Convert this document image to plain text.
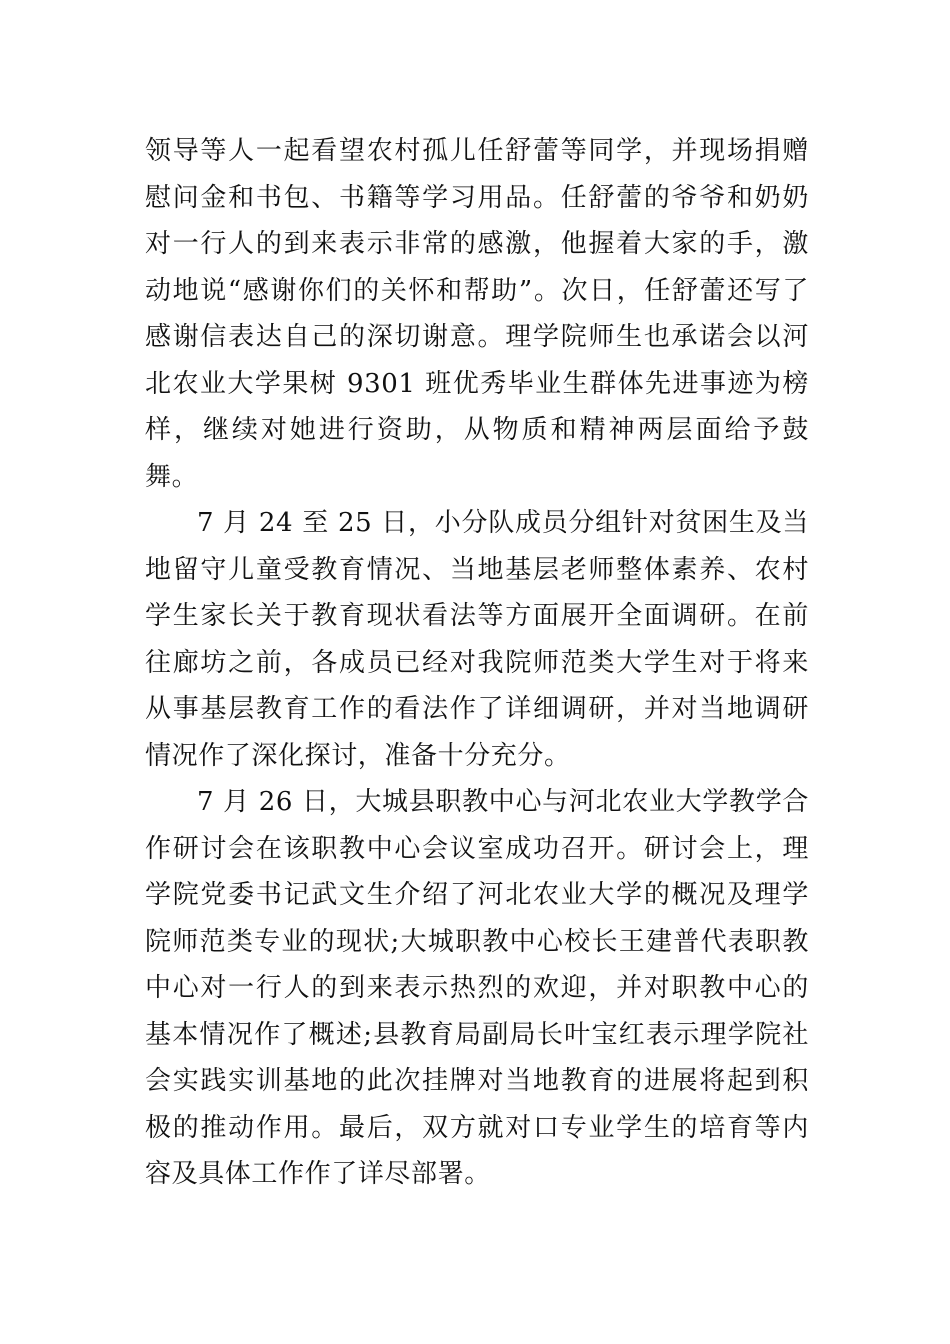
领导等人一起看望农村孤儿任舒蕾等同学，并现场捐赠慰问金和书包、书籍等学习用品。任舒蕾的爷爷和奶奶对一行人的到来表示非常的感激，他握着大家的手，激动地说“感谢你们的关怀和帮助”。次日，任舒蕾还写了感谢信表达自己的深切谢意。理学院师生也承诺会以河北农业大学果树 9301 班优秀毕业生群体先进事迹为榜样，继续对她进行资助，从物质和精神两层面给予鼓舞。

7 月 24 至 25 日，小分队成员分组针对贫困生及当地留守儿童受教育情况、当地基层老师整体素养、农村学生家长关于教育现状看法等方面展开全面调研。在前往廊坊之前，各成员已经对我院师范类大学生对于将来从事基层教育工作的看法作了详细调研，并对当地调研情况作了深化探讨，准备十分充分。

7 月 26 日，大城县职教中心与河北农业大学教学合作研讨会在该职教中心会议室成功召开。研讨会上，理学院党委书记武文生介绍了河北农业大学的概况及理学院师范类专业的现状;大城职教中心校长王建普代表职教中心对一行人的到来表示热烈的欢迎，并对职教中心的基本情况作了概述;县教育局副局长叶宝红表示理学院社会实践实训基地的此次挂牌对当地教育的进展将起到积极的推动作用。最后，双方就对口专业学生的培育等内容及具体工作作了详尽部署。
